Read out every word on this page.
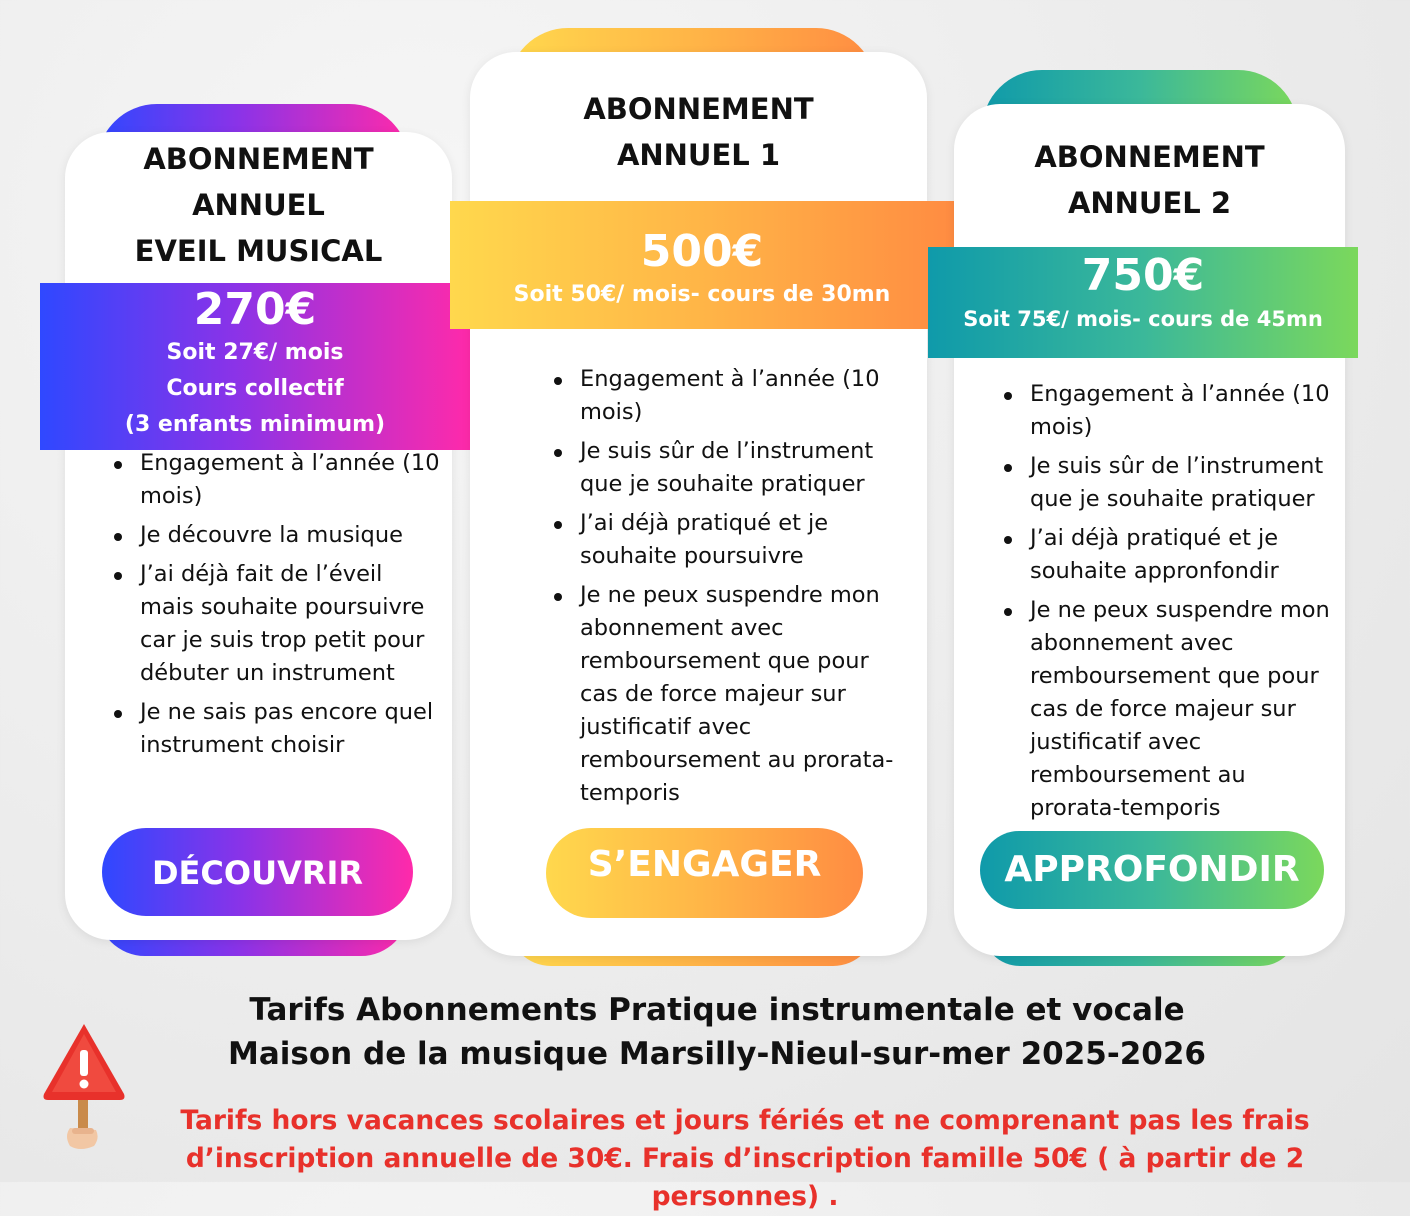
ABONNEMENT
ANNUEL
EVEIL MUSICAL
270€
Soit 27€/ mois
Cours collectif
(3 enfants minimum)
Engagement à l’année (10 mois)
Je découvre la musique
J’ai déjà fait de l’éveil mais souhaite poursuivre car je suis trop petit pour débuter un instrument
Je ne sais pas encore quel instrument choisir
DÉCOUVRIR
ABONNEMENT
ANNUEL 1
500€
Soit 50€/ mois- cours de 30mn
Engagement à l’année (10 mois)
Je suis sûr de l’instrument que je souhaite pratiquer
J’ai déjà pratiqué et je souhaite poursuivre
Je ne peux suspendre mon abonnement avec remboursement que pour cas de force majeur sur justificatif avec remboursement au prorata-temporis
S’ENGAGER
ABONNEMENT
ANNUEL 2
750€
Soit 75€/ mois- cours de 45mn
Engagement à l’année (10 mois)
Je suis sûr de l’instrument que je souhaite pratiquer
J’ai déjà pratiqué et je souhaite appronfondir
Je ne peux suspendre mon abonnement avec remboursement que pour cas de force majeur sur justificatif avec remboursement au prorata-temporis
APPROFONDIR
Tarifs Abonnements Pratique instrumentale et vocale
Maison de la musique Marsilly-Nieul-sur-mer 2025-2026
Tarifs hors vacances scolaires et jours fériés et ne comprenant pas les frais d’inscription annuelle de 30€. Frais d’inscription famille 50€ ( à partir de 2 personnes) .
